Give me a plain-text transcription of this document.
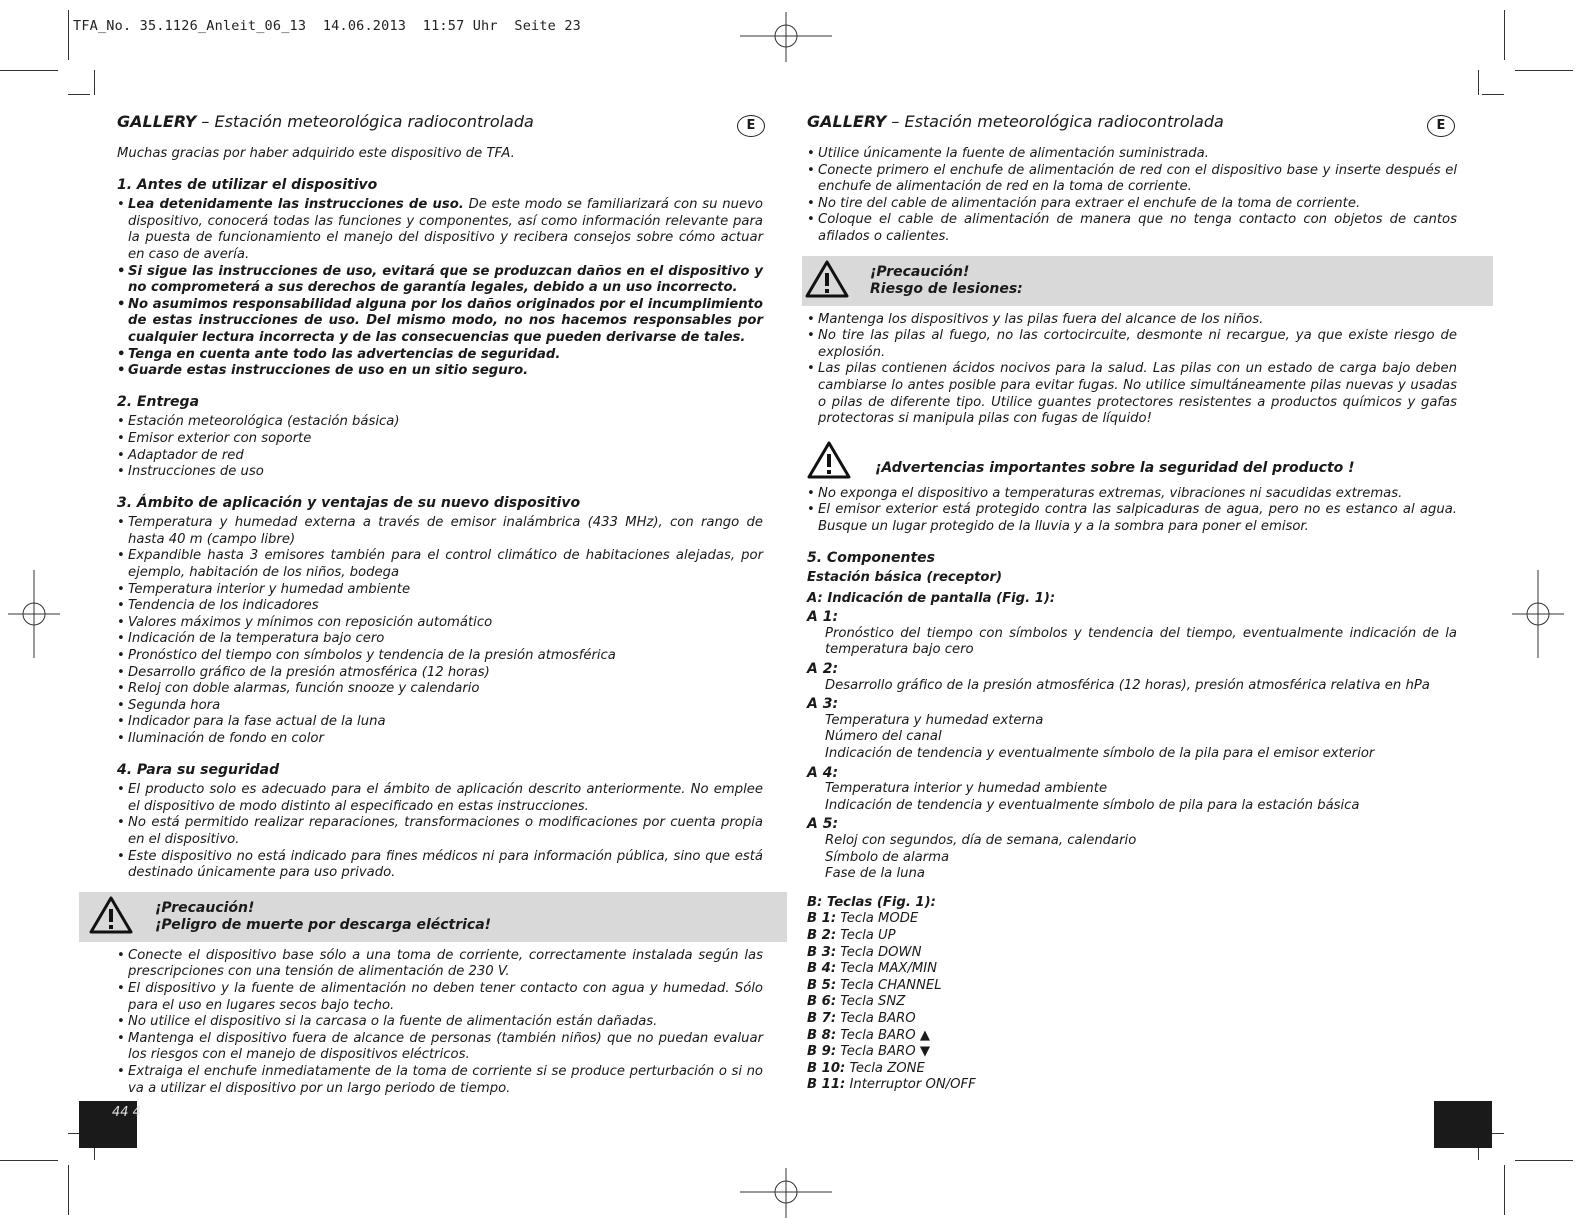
TFA_No. 35.1126_Anleit_06_13  14.06.2013  11:57 Uhr  Seite 23
44 4
GALLERY – Estación meteorológica radiocontrolada	E
Muchas gracias por haber adquirido este dispositivo de TFA.
1. Antes de utilizar el dispositivo
• Lea detenidamente las instrucciones de uso. De este modo se familiarizará con su nuevo dispositivo, conocerá todas las funciones y componentes, así como información relevante para la puesta de funcionamiento el manejo del dispositivo y recibera consejos sobre cómo actuar en caso de avería.
• Si sigue las instrucciones de uso, evitará que se produzcan daños en el dispositivo y no comprometerá a sus derechos de garantía legales, debido a un uso incorrecto.
• No asumimos responsabilidad alguna por los daños originados por el incumplimiento de estas instrucciones de uso. Del mismo modo, no nos hacemos responsables por cualquier lectura incorrecta y de las consecuencias que pueden derivarse de tales.
• Tenga en cuenta ante todo las advertencias de seguridad.
• Guarde estas instrucciones de uso en un sitio seguro.
2. Entrega
• Estación meteorológica (estación básica)
• Emisor exterior con soporte
• Adaptador de red
• Instrucciones de uso
3. Ámbito de aplicación y ventajas de su nuevo dispositivo
• Temperatura y humedad externa a través de emisor inalámbrica (433 MHz), con rango de hasta 40 m (campo libre)
• Expandible hasta 3 emisores también para el control climático de habitaciones alejadas, por ejemplo, habitación de los niños, bodega
• Temperatura interior y humedad ambiente
• Tendencia de los indicadores
• Valores máximos y mínimos con reposición automático
• Indicación de la temperatura bajo cero
• Pronóstico del tiempo con símbolos y tendencia de la presión atmosférica
• Desarrollo gráfico de la presión atmosférica (12 horas)
• Reloj con doble alarmas, función snooze y calendario
• Segunda hora
• Indicador para la fase actual de la luna
• Iluminación de fondo en color
4. Para su seguridad
• El producto solo es adecuado para el ámbito de aplicación descrito anteriormente. No emplee el dispositivo de modo distinto al especificado en estas instrucciones.
• No está permitido realizar reparaciones, transformaciones o modificaciones por cuenta propia en el dispositivo.
• Este dispositivo no está indicado para fines médicos ni para información pública, sino que está destinado únicamente para uso privado.
¡Precaución!
¡Peligro de muerte por descarga eléctrica!
• Conecte el dispositivo base sólo a una toma de corriente, correctamente instalada según las prescripciones con una tensión de alimentación de 230 V.
• El dispositivo y la fuente de alimentación no deben tener contacto con agua y humedad. Sólo para el uso en lugares secos bajo techo.
• No utilice el dispositivo si la carcasa o la fuente de alimentación están dañadas.
• Mantenga el dispositivo fuera de alcance de personas (también niños) que no puedan evaluar los riesgos con el manejo de dispositivos eléctricos.
• Extraiga el enchufe inmediatamente de la toma de corriente si se produce perturbación o si no va a utilizar el dispositivo por un largo periodo de tiempo.
GALLERY – Estación meteorológica radiocontrolada	E
• Utilice únicamente la fuente de alimentación suministrada.
• Conecte primero el enchufe de alimentación de red con el dispositivo base y inserte después el enchufe de alimentación de red en la toma de corriente.
• No tire del cable de alimentación para extraer el enchufe de la toma de corriente.
• Coloque el cable de alimentación de manera que no tenga contacto con objetos de cantos afilados o calientes.
¡Precaución!
Riesgo de lesiones:
• Mantenga los dispositivos y las pilas fuera del alcance de los niños.
• No tire las pilas al fuego, no las cortocircuite, desmonte ni recargue, ya que existe riesgo de explosión.
• Las pilas contienen ácidos nocivos para la salud. Las pilas con un estado de carga bajo deben cambiarse lo antes posible para evitar fugas. No utilice simultáneamente pilas nuevas y usadas o pilas de diferente tipo. Utilice guantes protectores resistentes a productos químicos y gafas protectoras si manipula pilas con fugas de líquido!
¡Advertencias importantes sobre la seguridad del producto !
• No exponga el dispositivo a temperaturas extremas, vibraciones ni sacudidas extremas.
• El emisor exterior está protegido contra las salpicaduras de agua, pero no es estanco al agua. Busque un lugar protegido de la lluvia y a la sombra para poner el emisor.
5. Componentes
Estación básica (receptor)
A: Indicación de pantalla (Fig. 1):
A 1:
Pronóstico del tiempo con símbolos y tendencia del tiempo, eventualmente indicación de la temperatura bajo cero
A 2:
Desarrollo gráfico de la presión atmosférica (12 horas), presión atmosférica relativa en hPa
A 3:
Temperatura y humedad externa
Número del canal
Indicación de tendencia y eventualmente símbolo de la pila para el emisor exterior
A 4:
Temperatura interior y humedad ambiente
Indicación de tendencia y eventualmente símbolo de pila para la estación básica
A 5:
Reloj con segundos, día de semana, calendario
Símbolo de alarma
Fase de la luna
B: Teclas (Fig. 1):
B 1: Tecla MODE
B 2: Tecla UP
B 3: Tecla DOWN
B 4: Tecla MAX/MIN
B 5: Tecla CHANNEL
B 6: Tecla SNZ
B 7: Tecla BARO
B 8: Tecla BARO ▲
B 9: Tecla BARO ▼
B 10: Tecla ZONE
B 11: Interruptor ON/OFF
